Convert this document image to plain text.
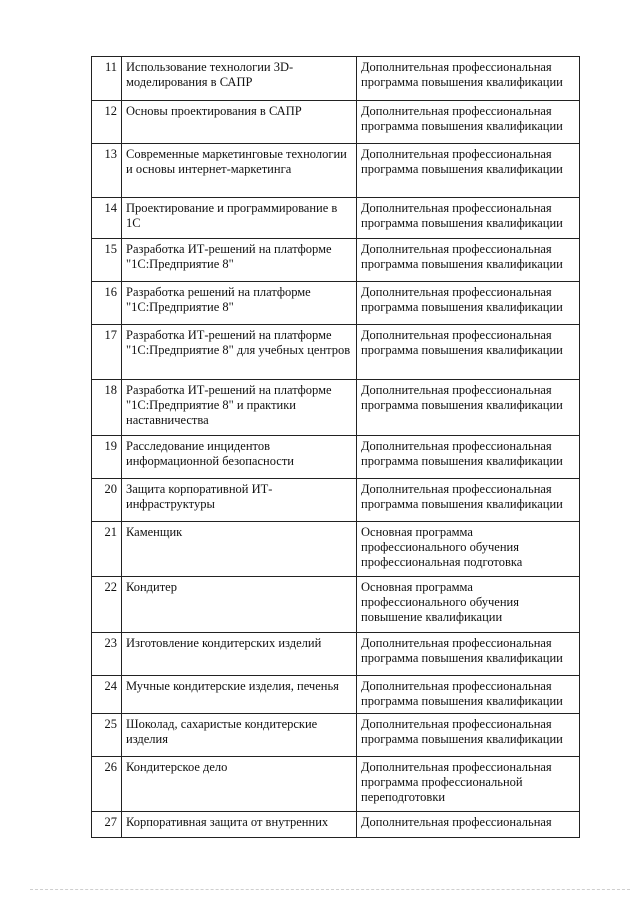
11	Использование технологии 3D-моделирования в САПР	Дополнительная профессиональная программа повышения квалификации
12	Основы проектирования в САПР	Дополнительная профессиональная программа повышения квалификации
13	Современные маркетинговые технологии и основы интернет-маркетинга	Дополнительная профессиональная программа повышения квалификации
14	Проектирование и программирование в 1С	Дополнительная профессиональная программа повышения квалификации
15	Разработка ИТ-решений на платформе "1С:Предприятие 8"	Дополнительная профессиональная программа повышения квалификации
16	Разработка решений на платформе "1С:Предприятие 8"	Дополнительная профессиональная программа повышения квалификации
17	Разработка ИТ-решений на платформе "1С:Предприятие 8" для учебных центров	Дополнительная профессиональная программа повышения квалификации
18	Разработка ИТ-решений на платформе "1С:Предприятие 8" и практики наставничества	Дополнительная профессиональная программа повышения квалификации
19	Расследование инцидентов информационной безопасности	Дополнительная профессиональная программа повышения квалификации
20	Защита корпоративной ИТ-инфраструктуры	Дополнительная профессиональная программа повышения квалификации
21	Каменщик	Основная программа профессионального обучения профессиональная подготовка
22	Кондитер	Основная программа профессионального обучения повышение квалификации
23	Изготовление кондитерских изделий	Дополнительная профессиональная программа повышения квалификации
24	Мучные кондитерские изделия, печенья	Дополнительная профессиональная программа повышения квалификации
25	Шоколад, сахаристые кондитерские изделия	Дополнительная профессиональная программа повышения квалификации
26	Кондитерское дело	Дополнительная профессиональная программа профессиональной переподготовки
27	Корпоративная защита от внутренних	Дополнительная профессиональная
